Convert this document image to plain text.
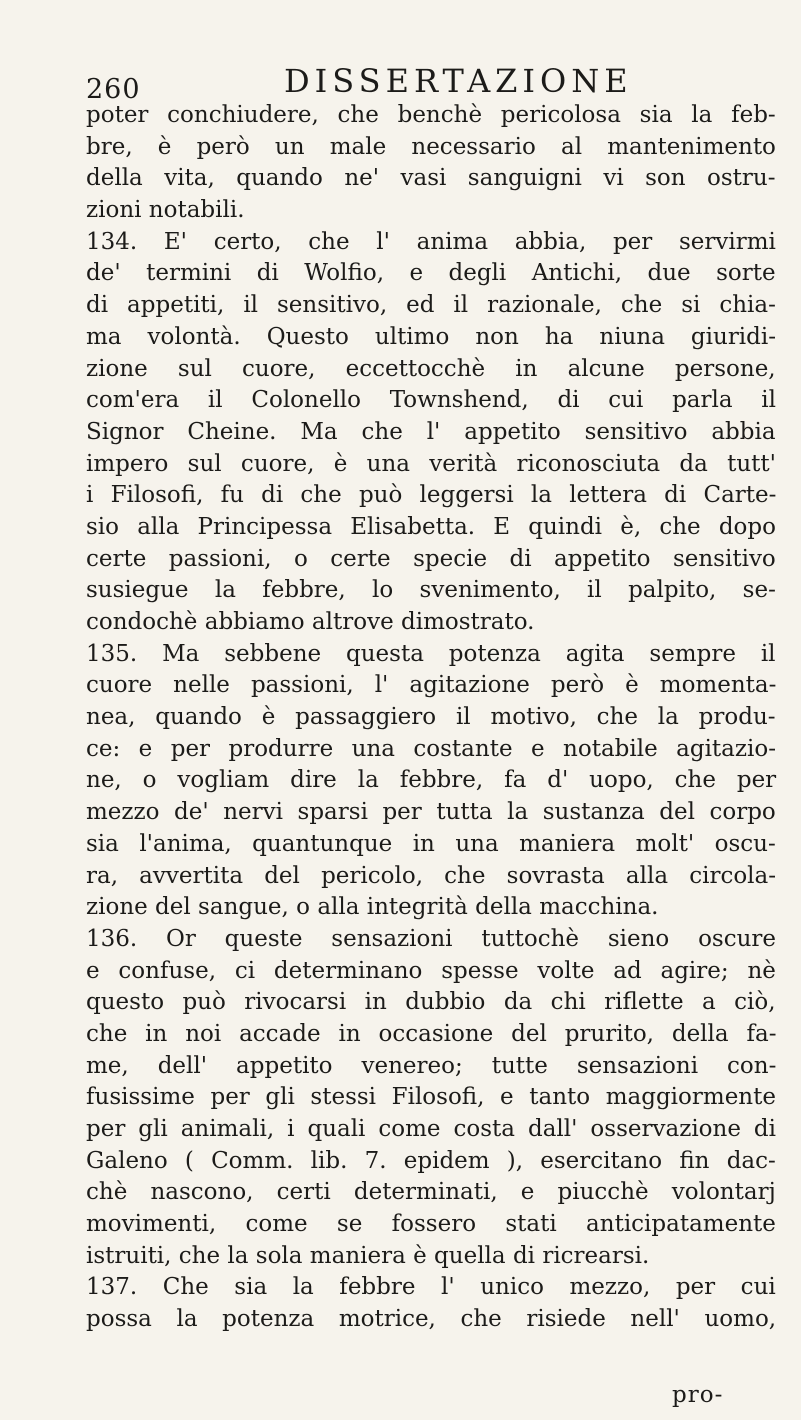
260	DISSERTAZIONE
poter conchiudere, che benchè pericolosa sia la feb-
bre, è però un male necessario al mantenimento
della vita, quando ne' vasi sanguigni vi son ostru-
zioni notabili.
134. E' certo, che l' anima abbia, per servirmi
de' termini di Wolfio, e degli Antichi, due sorte
di appetiti, il sensitivo, ed il razionale, che si chia-
ma volontà. Questo ultimo non ha niuna giuridi-
zione sul cuore, eccettocchè in alcune persone,
com'era il Colonello Townshend, di cui parla il
Signor Cheine. Ma che l' appetito sensitivo abbia
impero sul cuore, è una verità riconosciuta da tutt'
i Filosofi, fu di che può leggersi la lettera di Carte-
sio alla Principessa Elisabetta. E quindi è, che dopo
certe passioni, o certe specie di appetito sensitivo
susiegue la febbre, lo svenimento, il palpito, se-
condochè abbiamo altrove dimostrato.
135. Ma sebbene questa potenza agita sempre il
cuore nelle passioni, l' agitazione però è momenta-
nea, quando è passaggiero il motivo, che la produ-
ce: e per produrre una costante e notabile agitazio-
ne, o vogliam dire la febbre, fa d' uopo, che per
mezzo de' nervi sparsi per tutta la sustanza del corpo
sia l'anima, quantunque in una maniera molt' oscu-
ra, avvertita del pericolo, che sovrasta alla circola-
zione del sangue, o alla integrità della macchina.
136. Or queste sensazioni tuttochè sieno oscure
e confuse, ci determinano spesse volte ad agire; nè
questo può rivocarsi in dubbio da chi riflette a ciò,
che in noi accade in occasione del prurito, della fa-
me, dell' appetito venereo; tutte sensazioni con-
fusissime per gli stessi Filosofi, e tanto maggiormente
per gli animali, i quali come costa dall' osservazione di
Galeno ( Comm. lib. 7. epidem ), esercitano fin dac-
chè nascono, certi determinati, e piucchè volontarj
movimenti, come se fossero stati anticipatamente
istruiti, che la sola maniera è quella di ricrearsi.
137. Che sia la febbre l' unico mezzo, per cui
possa la potenza motrice, che risiede nell' uomo,
pro-
